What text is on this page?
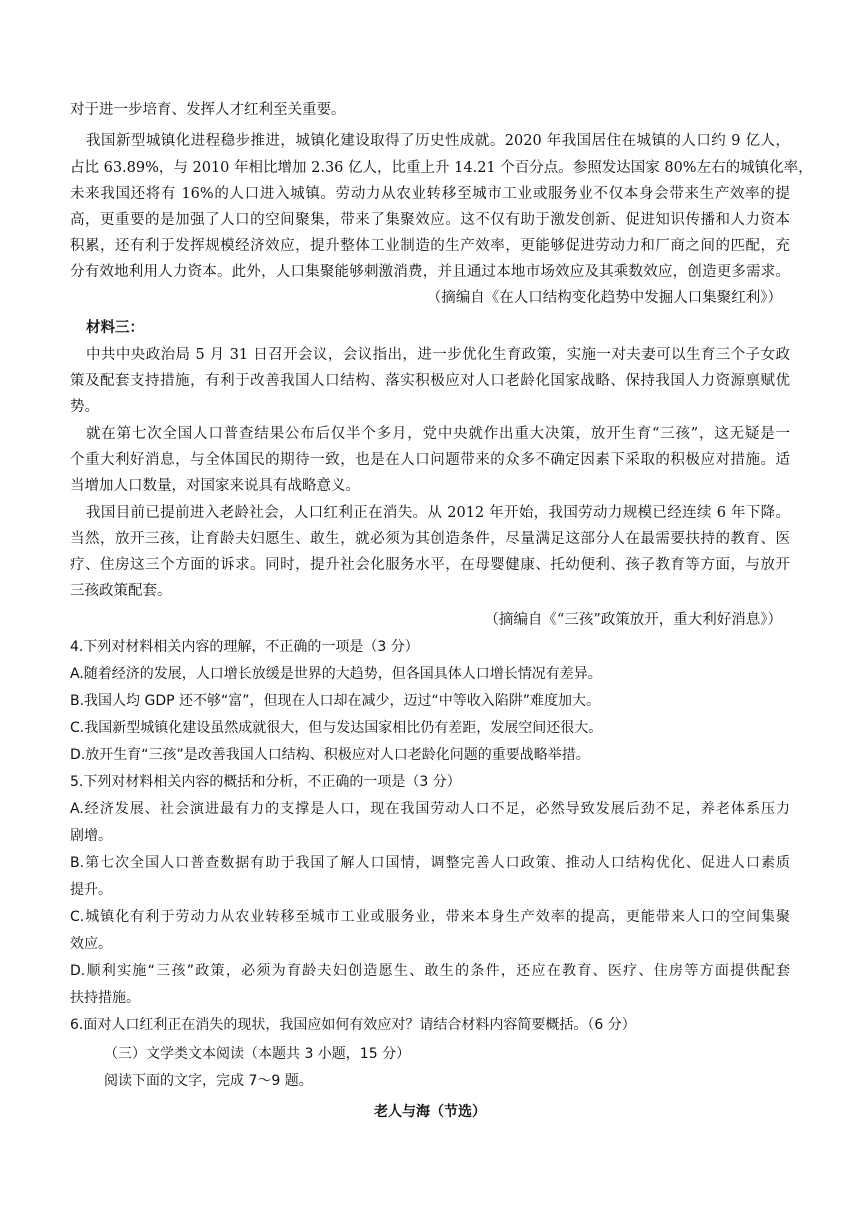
对于进一步培育、发挥人才红利至关重要。
我国新型城镇化进程稳步推进，城镇化建设取得了历史性成就。2020 年我国居住在城镇的人口约 9 亿人，
占比 63.89%，与 2010 年相比增加 2.36 亿人，比重上升 14.21 个百分点。参照发达国家 80%左右的城镇化率，
未来我国还将有 16%的人口进入城镇。劳动力从农业转移至城市工业或服务业不仅本身会带来生产效率的提
高，更重要的是加强了人口的空间聚集，带来了集聚效应。这不仅有助于激发创新、促进知识传播和人力资本
积累，还有利于发挥规模经济效应，提升整体工业制造的生产效率，更能够促进劳动力和厂商之间的匹配，充
分有效地利用人力资本。此外，人口集聚能够刺激消费，并且通过本地市场效应及其乘数效应，创造更多需求。
（摘编自《在人口结构变化趋势中发掘人口集聚红利》）
材料三：
中共中央政治局 5 月 31 日召开会议，会议指出，进一步优化生育政策，实施一对夫妻可以生育三个子女政
策及配套支持措施，有利于改善我国人口结构、落实积极应对人口老龄化国家战略、保持我国人力资源禀赋优
势。
就在第七次全国人口普查结果公布后仅半个多月，党中央就作出重大决策，放开生育“三孩”，这无疑是一
个重大利好消息，与全体国民的期待一致，也是在人口问题带来的众多不确定因素下采取的积极应对措施。适
当增加人口数量，对国家来说具有战略意义。
我国目前已提前进入老龄社会，人口红利正在消失。从 2012 年开始，我国劳动力规模已经连续 6 年下降。
当然，放开三孩，让育龄夫妇愿生、敢生，就必须为其创造条件，尽量满足这部分人在最需要扶持的教育、医
疗、住房这三个方面的诉求。同时，提升社会化服务水平，在母婴健康、托幼便利、孩子教育等方面，与放开
三孩政策配套。
（摘编自《“三孩”政策放开，重大利好消息》）
4.下列对材料相关内容的理解，不正确的一项是（3 分）
A.随着经济的发展，人口增长放缓是世界的大趋势，但各国具体人口增长情况有差异。
B.我国人均 GDP 还不够“富”，但现在人口却在减少，迈过“中等收入陷阱”难度加大。
C.我国新型城镇化建设虽然成就很大，但与发达国家相比仍有差距，发展空间还很大。
D.放开生育“三孩”是改善我国人口结构、积极应对人口老龄化问题的重要战略举措。
5.下列对材料相关内容的概括和分析，不正确的一项是（3 分）
A.经济发展、社会演进最有力的支撑是人口，现在我国劳动人口不足，必然导致发展后劲不足，养老体系压力
剧增。
B.第七次全国人口普查数据有助于我国了解人口国情，调整完善人口政策、推动人口结构优化、促进人口素质
提升。
C.城镇化有利于劳动力从农业转移至城市工业或服务业，带来本身生产效率的提高，更能带来人口的空间集聚
效应。
D.顺利实施“三孩”政策，必须为育龄夫妇创造愿生、敢生的条件，还应在教育、医疗、住房等方面提供配套
扶持措施。
6.面对人口红利正在消失的现状，我国应如何有效应对？请结合材料内容简要概括。（6 分）
（三）文学类文本阅读（本题共 3 小题，15 分）
阅读下面的文字，完成 7～9 题。
老人与海（节选）
